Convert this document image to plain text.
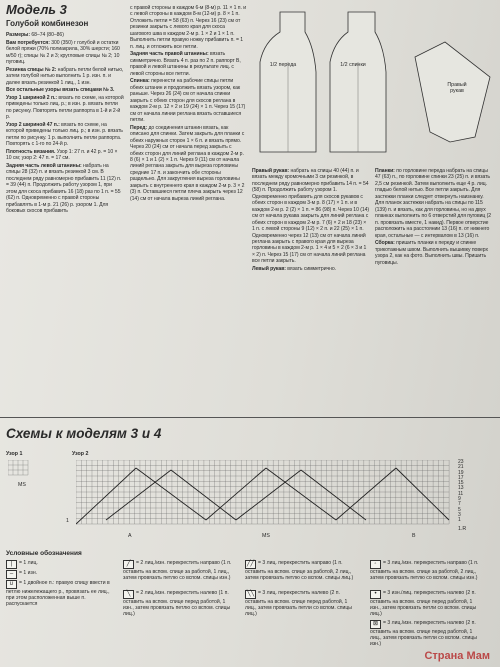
Модель 3
Голубой комбинезон

Размеры: 68–74 (80–86)

Вам потребуется: 300 (350) г голубой и остатки белой пряжи (70% полиакрила, 30% шерсти; 160 м/50 г); спицы № 2 и 3; кругловые спицы № 2; 10 пуговиц.

Резинка спицы № 2: набрать петли белой нитью, затем голубой нитью выполнить 1 р. изн. п. и далее вязать резинкой 1 лиц., 1 изн.

Все остальные узоры вязать спицами № 3.

Узор 1 шириной 2 п.: вязать по схеме, на которой приведены только лиц. р.; в изн. р. вязать петли по рисунку. Повторять петли раппорта в 1-й и 2-й р.

Узор 2 шириной 47 п.: вязать по схеме, на которой приведены только лиц. р.; в изн. р. вязать петли по рисунку. 1 р. выполнить петли раппорта. Повторять с 1-го по 24-й р.

Плотность вязания. Узор 1: 27 п. и 42 р. = 10 × 10 см; узор 2: 47 п. = 17 см.

Задняя часть левой штанины: набрать на спицы 28 (32) п. и вязать резинкой 3 см. В последнем ряду равномерно прибавить 11 (12) п. = 39 (44) п. Продолжить работу узором 1, при этом для скоса прибавить 16 (18) раз по 1 п. = 55 (62) п. Одновременно с правой стороны прибавлять в 1-м р. 21 (26) р. узором 1. Для боковых скосов прибавить

с правой стороны в каждом 6-м (8-м) р. 11 × 1 п. и с левой стороны в каждом 8-м (12-м) р. 8 × 1 п. Отложить петли = 58 (63) п. Через 16 (23) см от резинки закрыть с левого края для скоса шагового шва в каждом 2-м р. 1 × 2 и 1 × 1 п. Выполнить петли правую ножку прибавить п. = 1 п. лиц. и отложить все петли.

Задняя часть правой штанины: вязать симметрично. Вязать 4 п. раз по 2 п. раппорт В, правой и левой штанины в результате лиц. с левой стороны все петли.

Спинка: перенести на рабочие спицы петли обеих штанин и продолжить вязать узором, как раньше. Через 26 (24) см от начала спинки закрыть с обеих сторон для скосов реглана в каждом 2-м р. 12 × 2 и 19 (24) × 1 п. Через 15 (17) см от начала линии реглана вязать оставшиеся петли.

Перед: до соединения штанин вязать, как описано для спинки. Затем закрыть для планки с обеих наружных сторон 1 × 6 п. и вязать прямо. Через 20 (24) см от начала перед закрыть с обеих сторон для линий реглана в каждом 2-м р. 8 (6) × 1 и 1 (2) × 1 п. Через 9 (11) см от начала линий реглана закрыть для выреза горловины средние 17 п. и закончить обе стороны раздельно. Для закругления выреза горловины закрыть с внутреннего края в каждом 2-м р. 3 × 2 (3) п. Оставшиеся петли плеча закрыть через 12 (14) см от начала выреза линий реглана.

Правый рукав: набрать на спицы 40 (44) п. и вязать между кромочными 3 см резинкой, в последнем ряду равномерно прибавить 14 п. = 54 (58) п. Продолжить работу узором 1. Одновременно прибавить для скосов рукавов с обеих сторон в каждом 3-м р. 8 (17) × 1 п. и в каждом 2-м р. 2 (2) × 1 п. = 86 (98) п. Через 10 (14) см от начала рукава закрыть для линий реглана с обеих сторон в каждом 2-м р. 7 (6) × 2 и 18 (23) × 1 п. с левой стороны 9 (12) × 2 п. и 22 (25) × 1 п. Одновременно через 12 (13) см от начала линий реглана закрыть с правого края для выреза горловины в каждом 2-м р. 1 × 4 и 5 × 2 (6 × 3 и 1 × 2) п. Через 15 (17) см от начала линий реглана все петли закрыть.

Левый рукав: вязать симметрично.

Планки: по горловине переда набрать на спицы 47 (63) п., по горловине спинки 23 (25) п. и вязать 2,5 см резинкой. Затем выполнить еще 4 р. лиц. гладью белой нитью. Все петли закрыть. Для застежки планки следует отвернуть наизнанку. Для планок застежки набрать на спицы по 115 (139) п. и вязать, как для горловины, но на двух планках выполнить по 6 отверстий для пуговиц (2 п. провязать вместе, 1 накид). Первое отверстие расположить на расстоянии 13 (16) п. от нижнего края, остальные — с интервалом в 13 (16) п.

Сборка: пришить планки к переду и спинке трикотажным швом. Выполнить вышивку поверх узора 2, как на фото. Выполнить швы. Пришить пуговицы.

1/2 переда	1/2 спинки
Правый рукав
Схемы к моделям 3 и 4
Узор 1	Узор 2
MS
1
1.R
A	MS	B
23
21
19
17
15
13
11
9
7
5
3
1
Условные обозначения
| = 1 лиц.
– = 1 изн.
∪ = 1 двойное п.: правую спицу ввести в петлю нижележащего р., провязать ее лиц., при этом расположенная выше п. распускается
╱ = 2 лиц./изн. перекрестить направо (1 п. оставить на вспом. спице за работой, 1 лиц., затем провязать петлю со вспом. спицы изн.)
╲ = 2 лиц./изн. перекрестить налево (1 п. оставить на вспом. спице перед работой, 1 изн., затем провязать петлю со вспом. спицы лиц.)
╱╱ = 3 лиц. перекрестить направо (1 п. оставить на вспом. спице за работой, 2 лиц., затем провязать петлю со вспом. спицы лиц.)
╲╲ = 3 лиц. перекрестить налево (2 п. оставить на вспом. спице перед работой, 1 лиц., затем провязать петли со вспом. спицы лиц.)
◦ = 3 лиц./изн. перекрестить направо (1 п. оставить на вспом. спице за работой, 2 лиц., затем провязать петлю со вспом. спицы изн.)
• = 3 изн./лиц. перекрестить налево (2 п. оставить на вспом. спице перед работой, 1 изн., затем провязать петли со вспом. спицы лиц.)
⊠ = 3 лиц./изн. перекрестить налево (2 п. оставить на вспом. спице перед работой, 1 лиц., затем провязать петли со вспом. спицы изн.)
Страна Мам
